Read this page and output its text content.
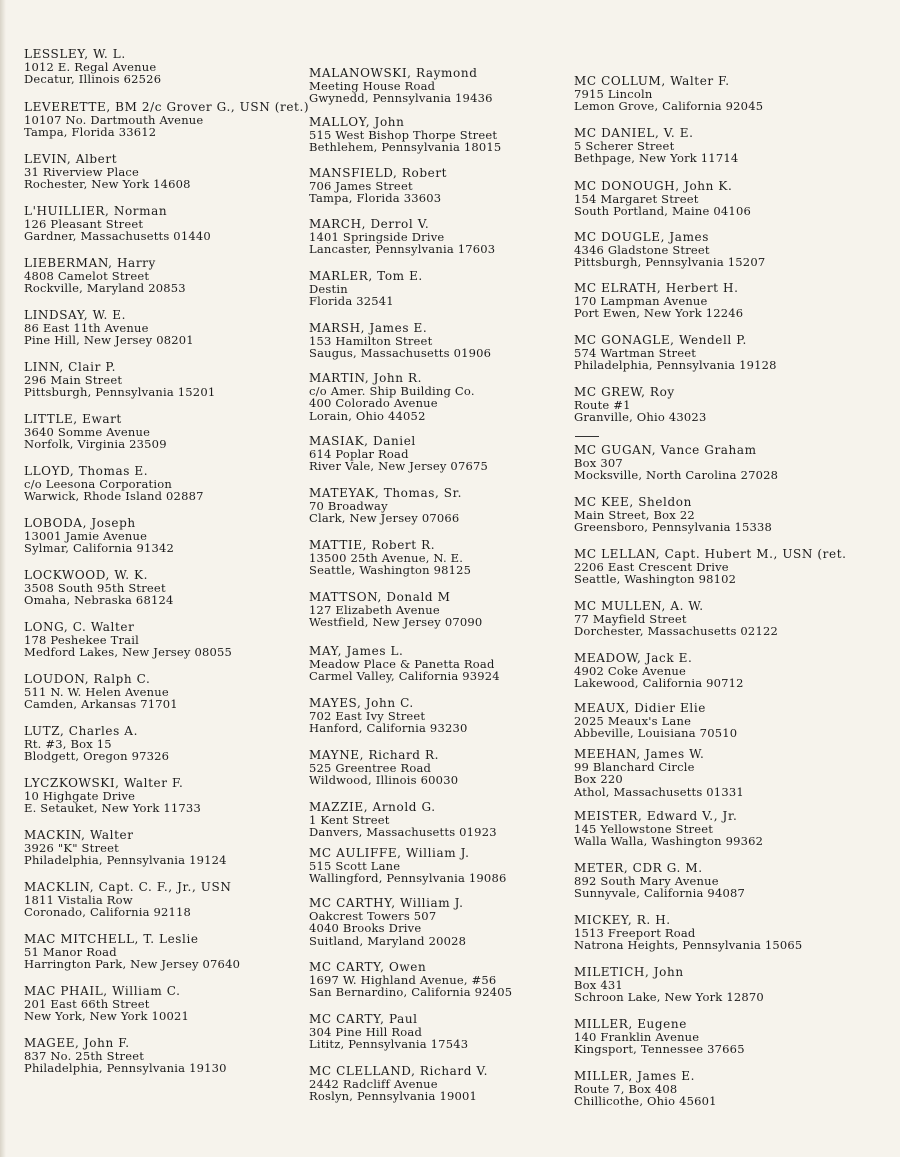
LESSLEY, W. L.
1012 E. Regal Avenue
Decatur, Illinois 62526
LEVERETTE, BM 2/c Grover G., USN (ret.)
10107 No. Dartmouth Avenue
Tampa, Florida 33612
LEVIN, Albert
31 Riverview Place
Rochester, New York 14608
L'HUILLIER, Norman
126 Pleasant Street
Gardner, Massachusetts 01440
LIEBERMAN, Harry
4808 Camelot Street
Rockville, Maryland 20853
LINDSAY, W. E.
86 East 11th Avenue
Pine Hill, New Jersey 08201
LINN, Clair P.
296 Main Street
Pittsburgh, Pennsylvania 15201
LITTLE, Ewart
3640 Somme Avenue
Norfolk, Virginia 23509
LLOYD, Thomas E.
c/o Leesona Corporation
Warwick, Rhode Island 02887
LOBODA, Joseph
13001 Jamie Avenue
Sylmar, California 91342
LOCKWOOD, W. K.
3508 South 95th Street
Omaha, Nebraska 68124
LONG, C. Walter
178 Peshekee Trail
Medford Lakes, New Jersey 08055
LOUDON, Ralph C.
511 N. W. Helen Avenue
Camden, Arkansas 71701
LUTZ, Charles A.
Rt. #3, Box 15
Blodgett, Oregon 97326
LYCZKOWSKI, Walter F.
10 Highgate Drive
E. Setauket, New York 11733
MACKIN, Walter
3926 "K" Street
Philadelphia, Pennsylvania 19124
MACKLIN, Capt. C. F., Jr., USN
1811 Vistalia Row
Coronado, California 92118
MAC MITCHELL, T. Leslie
51 Manor Road
Harrington Park, New Jersey 07640
MAC PHAIL, William C.
201 East 66th Street
New York, New York 10021
MAGEE, John F.
837 No. 25th Street
Philadelphia, Pennsylvania 19130
MALANOWSKI, Raymond
Meeting House Road
Gwynedd, Pennsylvania 19436
MALLOY, John
515 West Bishop Thorpe Street
Bethlehem, Pennsylvania 18015
MANSFIELD, Robert
706 James Street
Tampa, Florida 33603
MARCH, Derrol V.
1401 Springside Drive
Lancaster, Pennsylvania 17603
MARLER, Tom E.
Destin
Florida 32541
MARSH, James E.
153 Hamilton Street
Saugus, Massachusetts 01906
MARTIN, John R.
c/o Amer. Ship Building Co.
400 Colorado Avenue
Lorain, Ohio 44052
MASIAK, Daniel
614 Poplar Road
River Vale, New Jersey 07675
MATEYAK, Thomas, Sr.
70 Broadway
Clark, New Jersey 07066
MATTIE, Robert R.
13500 25th Avenue, N. E.
Seattle, Washington 98125
MATTSON, Donald M
127 Elizabeth Avenue
Westfield, New Jersey 07090
MAY, James L.
Meadow Place & Panetta Road
Carmel Valley, California 93924
MAYES, John C.
702 East Ivy Street
Hanford, California 93230
MAYNE, Richard R.
525 Greentree Road
Wildwood, Illinois 60030
MAZZIE, Arnold G.
1 Kent Street
Danvers, Massachusetts 01923
MC AULIFFE, William J.
515 Scott Lane
Wallingford, Pennsylvania 19086
MC CARTHY, William J.
Oakcrest Towers 507
4040 Brooks Drive
Suitland, Maryland 20028
MC CARTY, Owen
1697 W. Highland Avenue, #56
San Bernardino, California 92405
MC CARTY, Paul
304 Pine Hill Road
Lititz, Pennsylvania 17543
MC CLELLAND, Richard V.
2442 Radcliff Avenue
Roslyn, Pennsylvania 19001
MC COLLUM, Walter F.
7915 Lincoln
Lemon Grove, California 92045
MC DANIEL, V. E.
5 Scherer Street
Bethpage, New York 11714
MC DONOUGH, John K.
154 Margaret Street
South Portland, Maine 04106
MC DOUGLE, James
4346 Gladstone Street
Pittsburgh, Pennsylvania 15207
MC ELRATH, Herbert H.
170 Lampman Avenue
Port Ewen, New York 12246
MC GONAGLE, Wendell P.
574 Wartman Street
Philadelphia, Pennsylvania 19128
MC GREW, Roy
Route #1
Granville, Ohio 43023
MC GUGAN, Vance Graham
Box 307
Mocksville, North Carolina 27028
MC KEE, Sheldon
Main Street, Box 22
Greensboro, Pennsylvania 15338
MC LELLAN, Capt. Hubert M., USN (ret.
2206 East Crescent Drive
Seattle, Washington 98102
MC MULLEN, A. W.
77 Mayfield Street
Dorchester, Massachusetts 02122
MEADOW, Jack E.
4902 Coke Avenue
Lakewood, California 90712
MEAUX, Didier Elie
2025 Meaux's Lane
Abbeville, Louisiana 70510
MEEHAN, James W.
99 Blanchard Circle
Box 220
Athol, Massachusetts 01331
MEISTER, Edward V., Jr.
145 Yellowstone Street
Walla Walla, Washington 99362
METER, CDR G. M.
892 South Mary Avenue
Sunnyvale, California 94087
MICKEY, R. H.
1513 Freeport Road
Natrona Heights, Pennsylvania 15065
MILETICH, John
Box 431
Schroon Lake, New York 12870
MILLER, Eugene
140 Franklin Avenue
Kingsport, Tennessee 37665
MILLER, James E.
Route 7, Box 408
Chillicothe, Ohio 45601
